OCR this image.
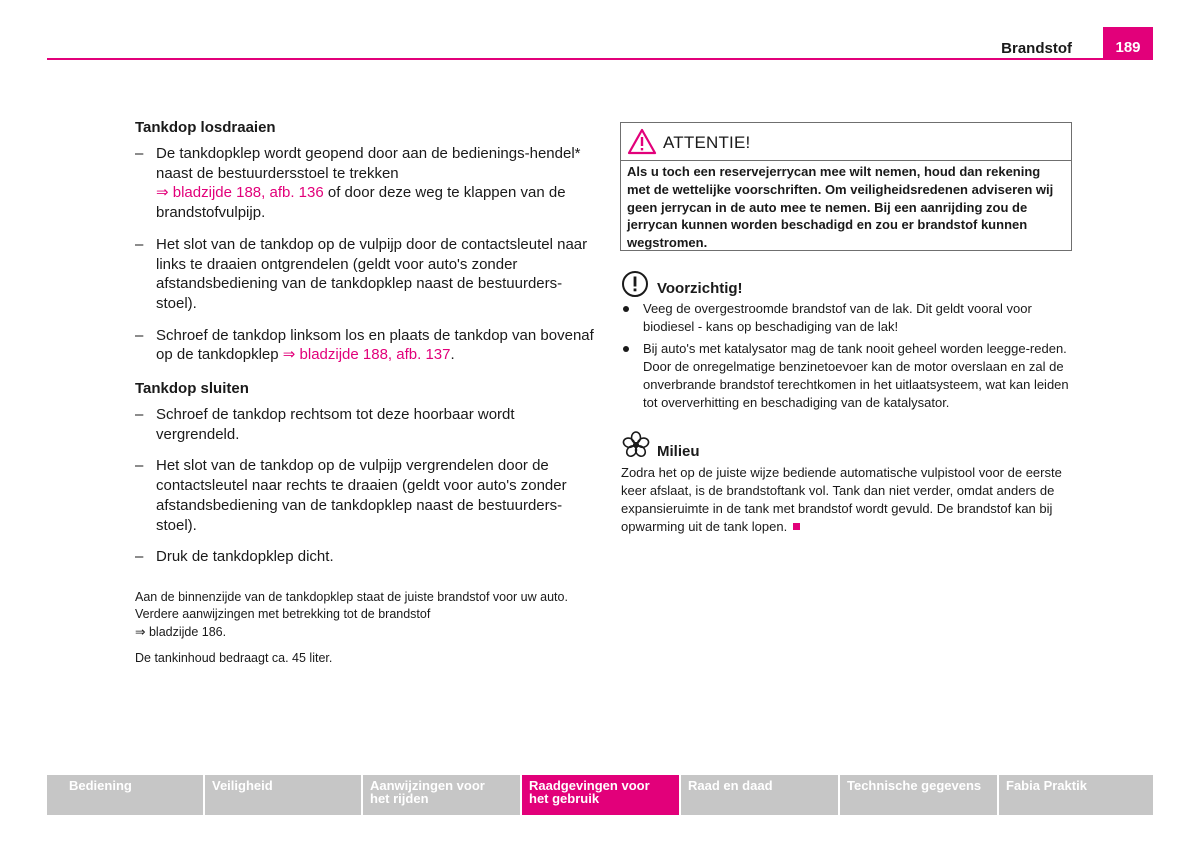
Brandstof	189
Tankdop losdraaien
– De tankdopklep wordt geopend door aan de bedienings-hendel* naast de bestuurdersstoel te trekken
⇒ bladzijde 188, afb. 136 of door deze weg te klappen van de brandstofvulpijp.
– Het slot van de tankdop op de vulpijp door de contactsleutel naar links te draaien ontgrendelen (geldt voor auto's zonder afstandsbediening van de tankdopklep naast de bestuurders-stoel).
– Schroef de tankdop linksom los en plaats de tankdop van bovenaf op de tankdopklep ⇒ bladzijde 188, afb. 137.
Tankdop sluiten
– Schroef de tankdop rechtsom tot deze hoorbaar wordt vergrendeld.
– Het slot van de tankdop op de vulpijp vergrendelen door de contactsleutel naar rechts te draaien (geldt voor auto's zonder afstandsbediening van de tankdopklep naast de bestuurders-stoel).
– Druk de tankdopklep dicht.
Aan de binnenzijde van de tankdopklep staat de juiste brandstof voor uw auto. Verdere aanwijzingen met betrekking tot de brandstof
⇒ bladzijde 186.
De tankinhoud bedraagt ca. 45 liter.
ATTENTIE!
Als u toch een reservejerrycan mee wilt nemen, houd dan rekening met de wettelijke voorschriften. Om veiligheidsredenen adviseren wij geen jerrycan in de auto mee te nemen. Bij een aanrijding zou de jerrycan kunnen worden beschadigd en zou er brandstof kunnen wegstromen.
Voorzichtig!
Veeg de overgestroomde brandstof van de lak. Dit geldt vooral voor biodiesel - kans op beschadiging van de lak!
Bij auto's met katalysator mag de tank nooit geheel worden leegge-reden. Door de onregelmatige benzinetoevoer kan de motor overslaan en zal de onverbrande brandstof terechtkomen in het uitlaatsysteem, wat kan leiden tot oververhitting en beschadiging van de katalysator.
Milieu
Zodra het op de juiste wijze bediende automatische vulpistool voor de eerste keer afslaat, is de brandstoftank vol. Tank dan niet verder, omdat anders de expansieruimte in de tank met brandstof wordt gevuld. De brandstof kan bij opwarming uit de tank lopen.
Bediening	Veiligheid	Aanwijzingen voor
het rijden
Raadgevingen voor
het gebruik
Raad en daad	Technische gegevens	Fabia Praktik
